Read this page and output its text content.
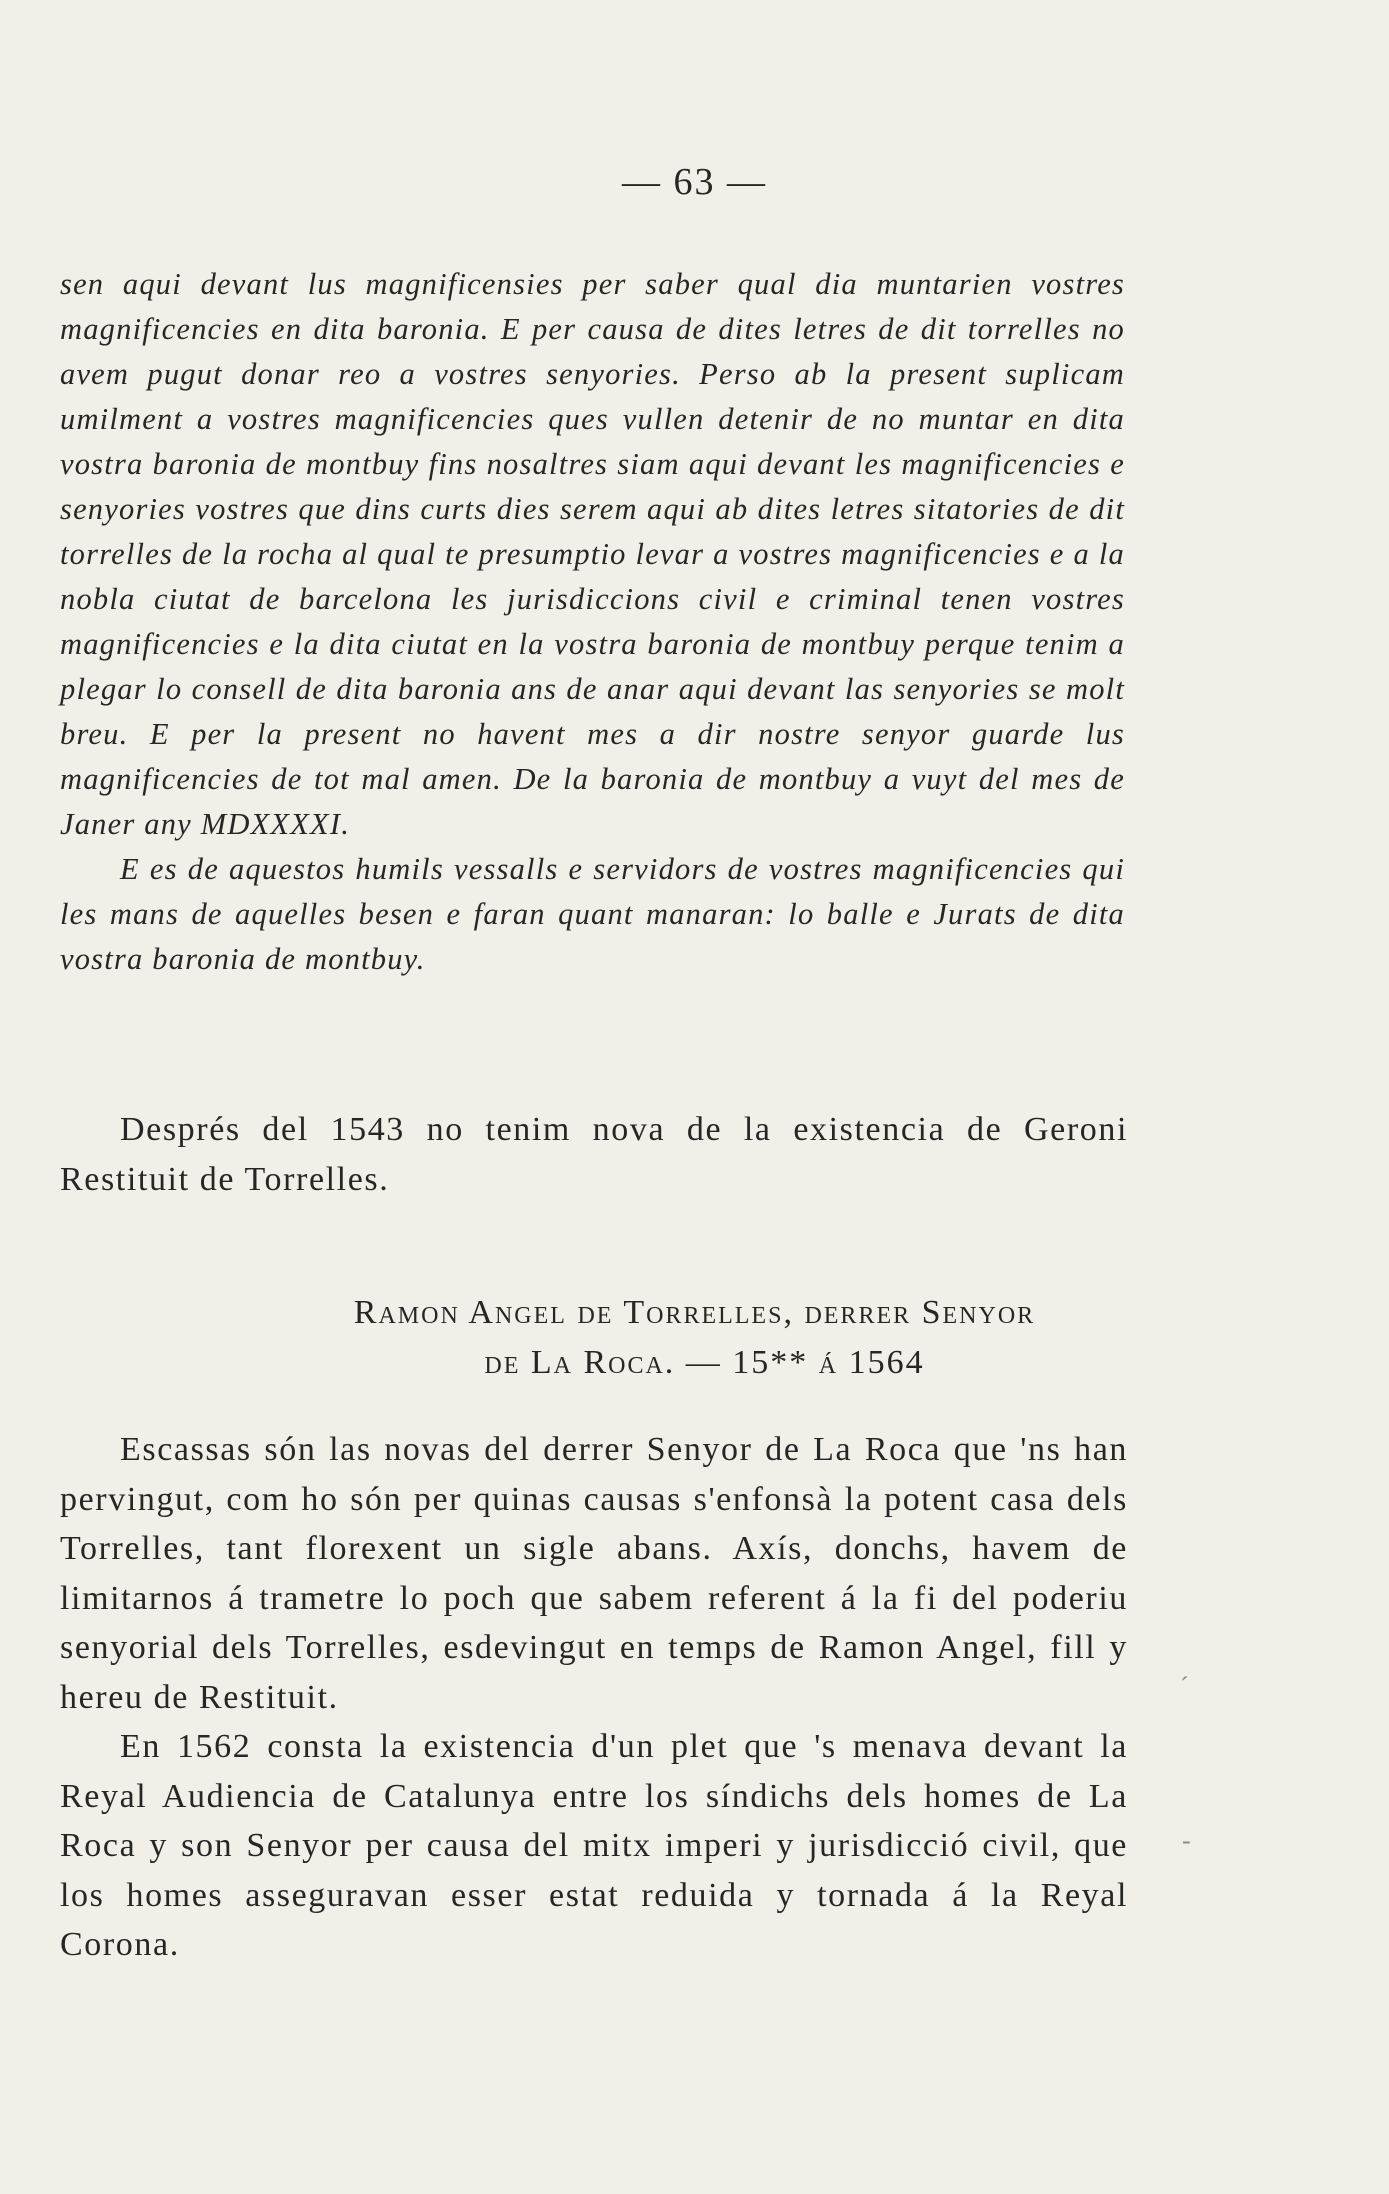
— 63 —

sen aqui devant lus magnificensies per saber qual dia muntarien vostres magnificencies en dita baronia. E per causa de dites letres de dit torrelles no avem pugut donar reo a vostres senyories. Perso ab la present suplicam umilment a vostres magnificencies ques vullen detenir de no muntar en dita vostra baronia de montbuy fins nosaltres siam aqui devant les magnificencies e senyories vostres que dins curts dies serem aqui ab dites letres sitatories de dit torrelles de la rocha al qual te presumptio levar a vostres magnificencies e a la nobla ciutat de barcelona les jurisdiccions civil e criminal tenen vostres magnificencies e la dita ciutat en la vostra baronia de montbuy perque tenim a plegar lo consell de dita baronia ans de anar aqui devant las senyories se molt breu. E per la present no havent mes a dir nostre senyor guarde lus magnificencies de tot mal amen. De la baronia de montbuy a vuyt del mes de Janer any MDXXXXI.

E es de aquestos humils vessalls e servidors de vostres magnificencies qui les mans de aquelles besen e faran quant manaran: lo balle e Jurats de dita vostra baronia de montbuy.

Després del 1543 no tenim nova de la existencia de Geroni Restituit de Torrelles.

Ramon Angel de Torrelles, derrer Senyor
de La Roca. — 15** á 1564

Escassas són las novas del derrer Senyor de La Roca que 'ns han pervingut, com ho són per quinas causas s'enfonsà la potent casa dels Torrelles, tant florexent un sigle abans. Axís, donchs, havem de limitarnos á trametre lo poch que sabem referent á la fi del poderiu senyorial dels Torrelles, esdevingut en temps de Ramon Angel, fill y hereu de Restituit.

En 1562 consta la existencia d'un plet que 's menava devant la Reyal Audiencia de Catalunya entre los síndichs dels homes de La Roca y son Senyor per causa del mitx imperi y jurisdicció civil, que los homes asseguravan esser estat reduida y tornada á la Reyal Corona.

´
-
